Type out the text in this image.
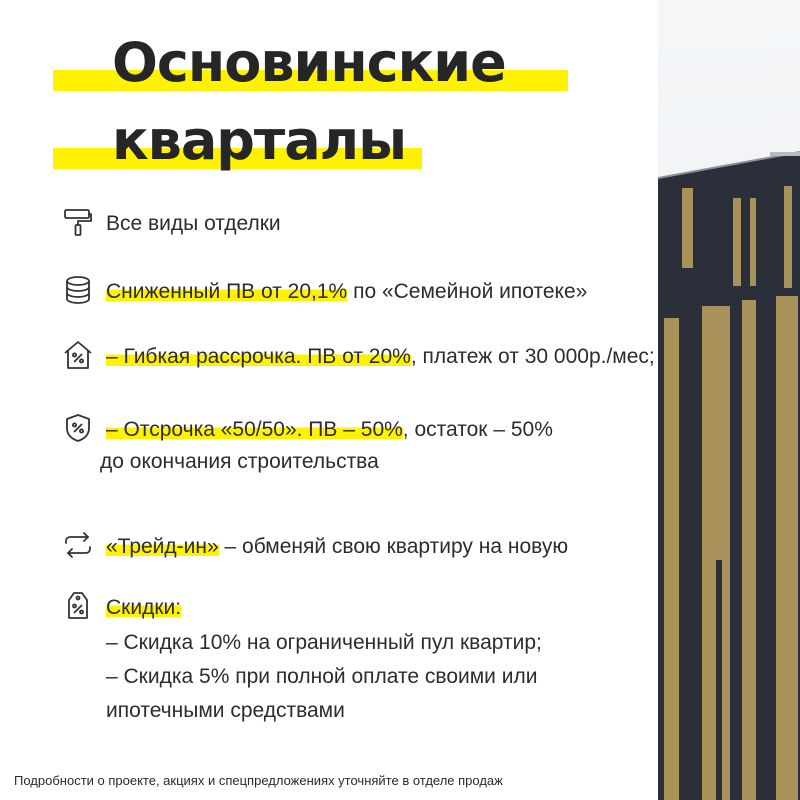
Основинские
кварталы
Все виды отделки
Сниженный ПВ от 20,1% по «Семейной ипотеке»
– Гибкая рассрочка. ПВ от 20%, платеж от 30 000р./мес;
– Отсрочка «50/50». ПВ – 50%, остаток – 50%
до окончания строительства
«Трейд-ин» – обменяй свою квартиру на новую
Скидки:
– Скидка 10% на ограниченный пул квартир;
– Скидка 5% при полной оплате своими или
ипотечными средствами
Подробности о проекте, акциях и спецпредложениях уточняйте в отделе продаж
